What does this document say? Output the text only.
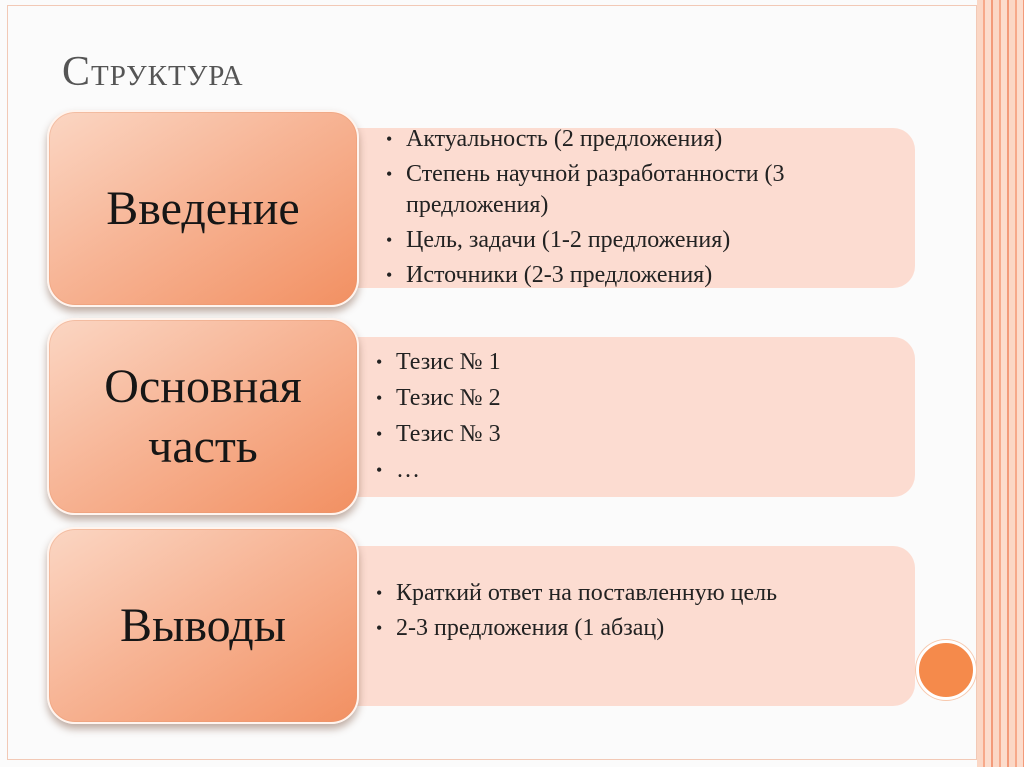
Структура
Введение
• Актуальность (2 предложения)
• Степень научной разработанности (3 предложения)
• Цель, задачи (1-2 предложения)
• Источники (2-3 предложения)
Основная
часть
• Тезис № 1
• Тезис № 2
• Тезис № 3
• …
Выводы
• Краткий ответ на поставленную цель
• 2-3 предложения (1 абзац)
